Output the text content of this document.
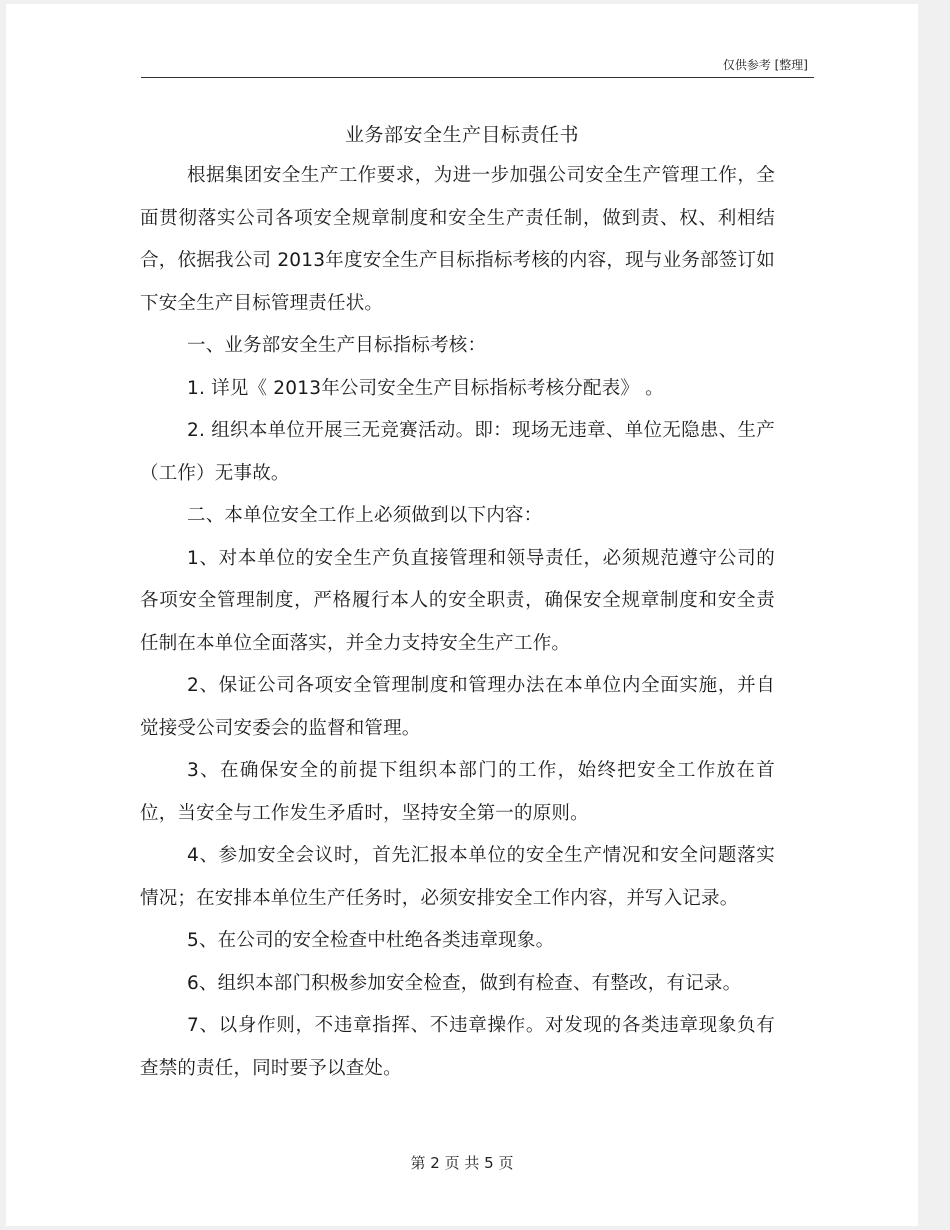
仅供参考 [整理]
业务部安全生产目标责任书

根据集团安全生产工作要求，为进一步加强公司安全生产管理工作，全面贯彻落实公司各项安全规章制度和安全生产责任制，做到责、权、利相结合，依据我公司 2013年度安全生产目标指标考核的内容，现与业务部签订如下安全生产目标管理责任状。

一、业务部安全生产目标指标考核：

1. 详见《 2013年公司安全生产目标指标考核分配表》 。

2. 组织本单位开展三无竞赛活动。即：现场无违章、单位无隐患、生产（工作）无事故。

二、本单位安全工作上必须做到以下内容：

1、对本单位的安全生产负直接管理和领导责任，必须规范遵守公司的各项安全管理制度，严格履行本人的安全职责，确保安全规章制度和安全责任制在本单位全面落实，并全力支持安全生产工作。

2、保证公司各项安全管理制度和管理办法在本单位内全面实施，并自觉接受公司安委会的监督和管理。

3、在确保安全的前提下组织本部门的工作，始终把安全工作放在首位，当安全与工作发生矛盾时，坚持安全第一的原则。

4、参加安全会议时，首先汇报本单位的安全生产情况和安全问题落实情况；在安排本单位生产任务时，必须安排安全工作内容，并写入记录。

5、在公司的安全检查中杜绝各类违章现象。

6、组织本部门积极参加安全检查，做到有检查、有整改，有记录。

7、以身作则，不违章指挥、不违章操作。对发现的各类违章现象负有查禁的责任，同时要予以查处。

第 2 页 共 5 页
